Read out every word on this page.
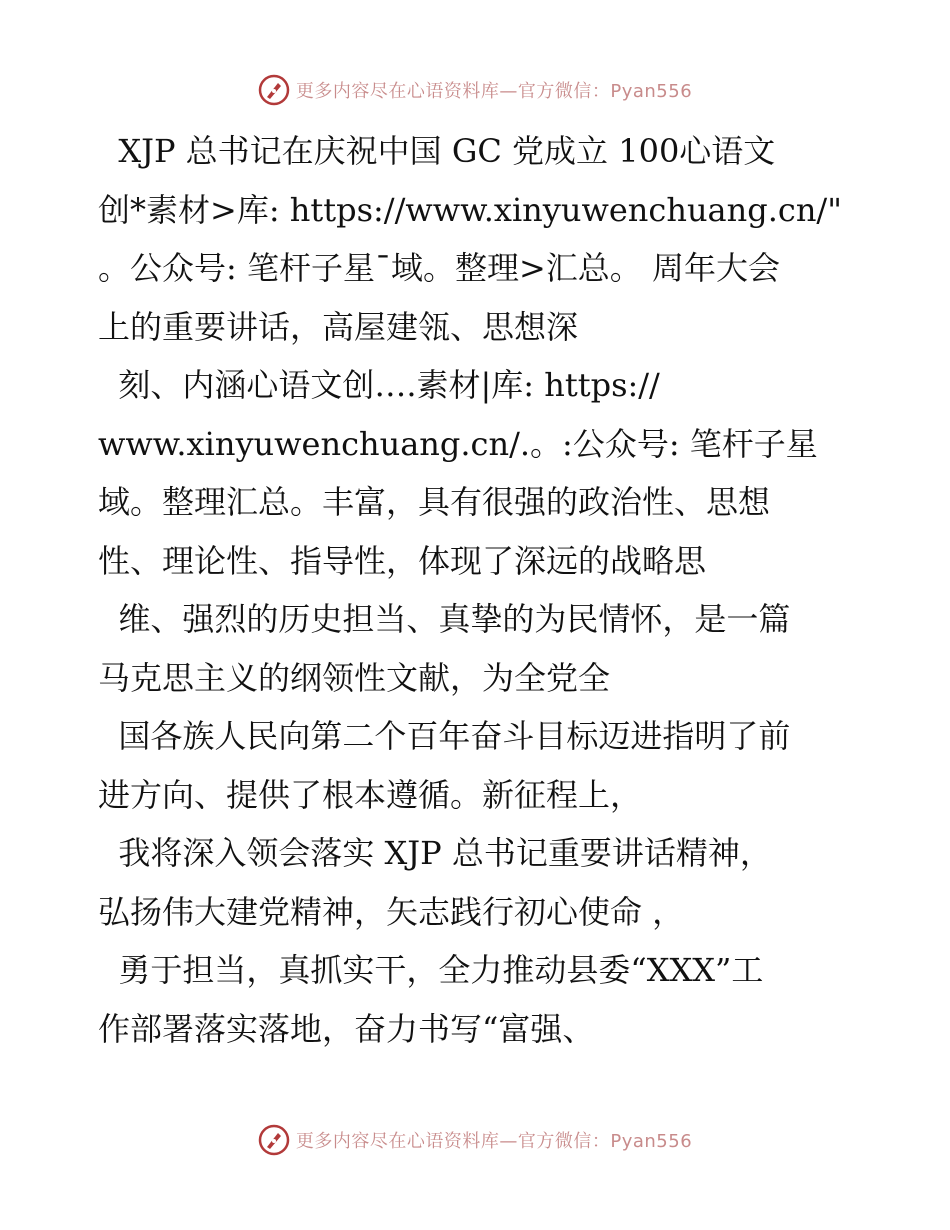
更多内容尽在心语资料库—官方微信：Pyan556
XJP 总书记在庆祝中国 GC 党成立 100心语文
创*素材>库: https://www.xinyuwenchuang.cn/"
。公众号: 笔杆子星¯域。整理>汇总。 周年大会
上的重要讲话，高屋建瓴、思想深
刻、内涵心语文创….素材|库: https://
www.xinyuwenchuang.cn/.。:公众号: 笔杆子星
域。整理汇总。丰富，具有很强的政治性、思想
性、理论性、指导性，体现了深远的战略思
维、强烈的历史担当、真挚的为民情怀，是一篇
马克思主义的纲领性文献，为全党全
国各族人民向第二个百年奋斗目标迈进指明了前
进方向、提供了根本遵循。新征程上，
我将深入领会落实 XJP 总书记重要讲话精神，
弘扬伟大建党精神，矢志践行初心使命 ，
勇于担当，真抓实干，全力推动县委“XXX”工
作部署落实落地，奋力书写“富强、
更多内容尽在心语资料库—官方微信：Pyan556
